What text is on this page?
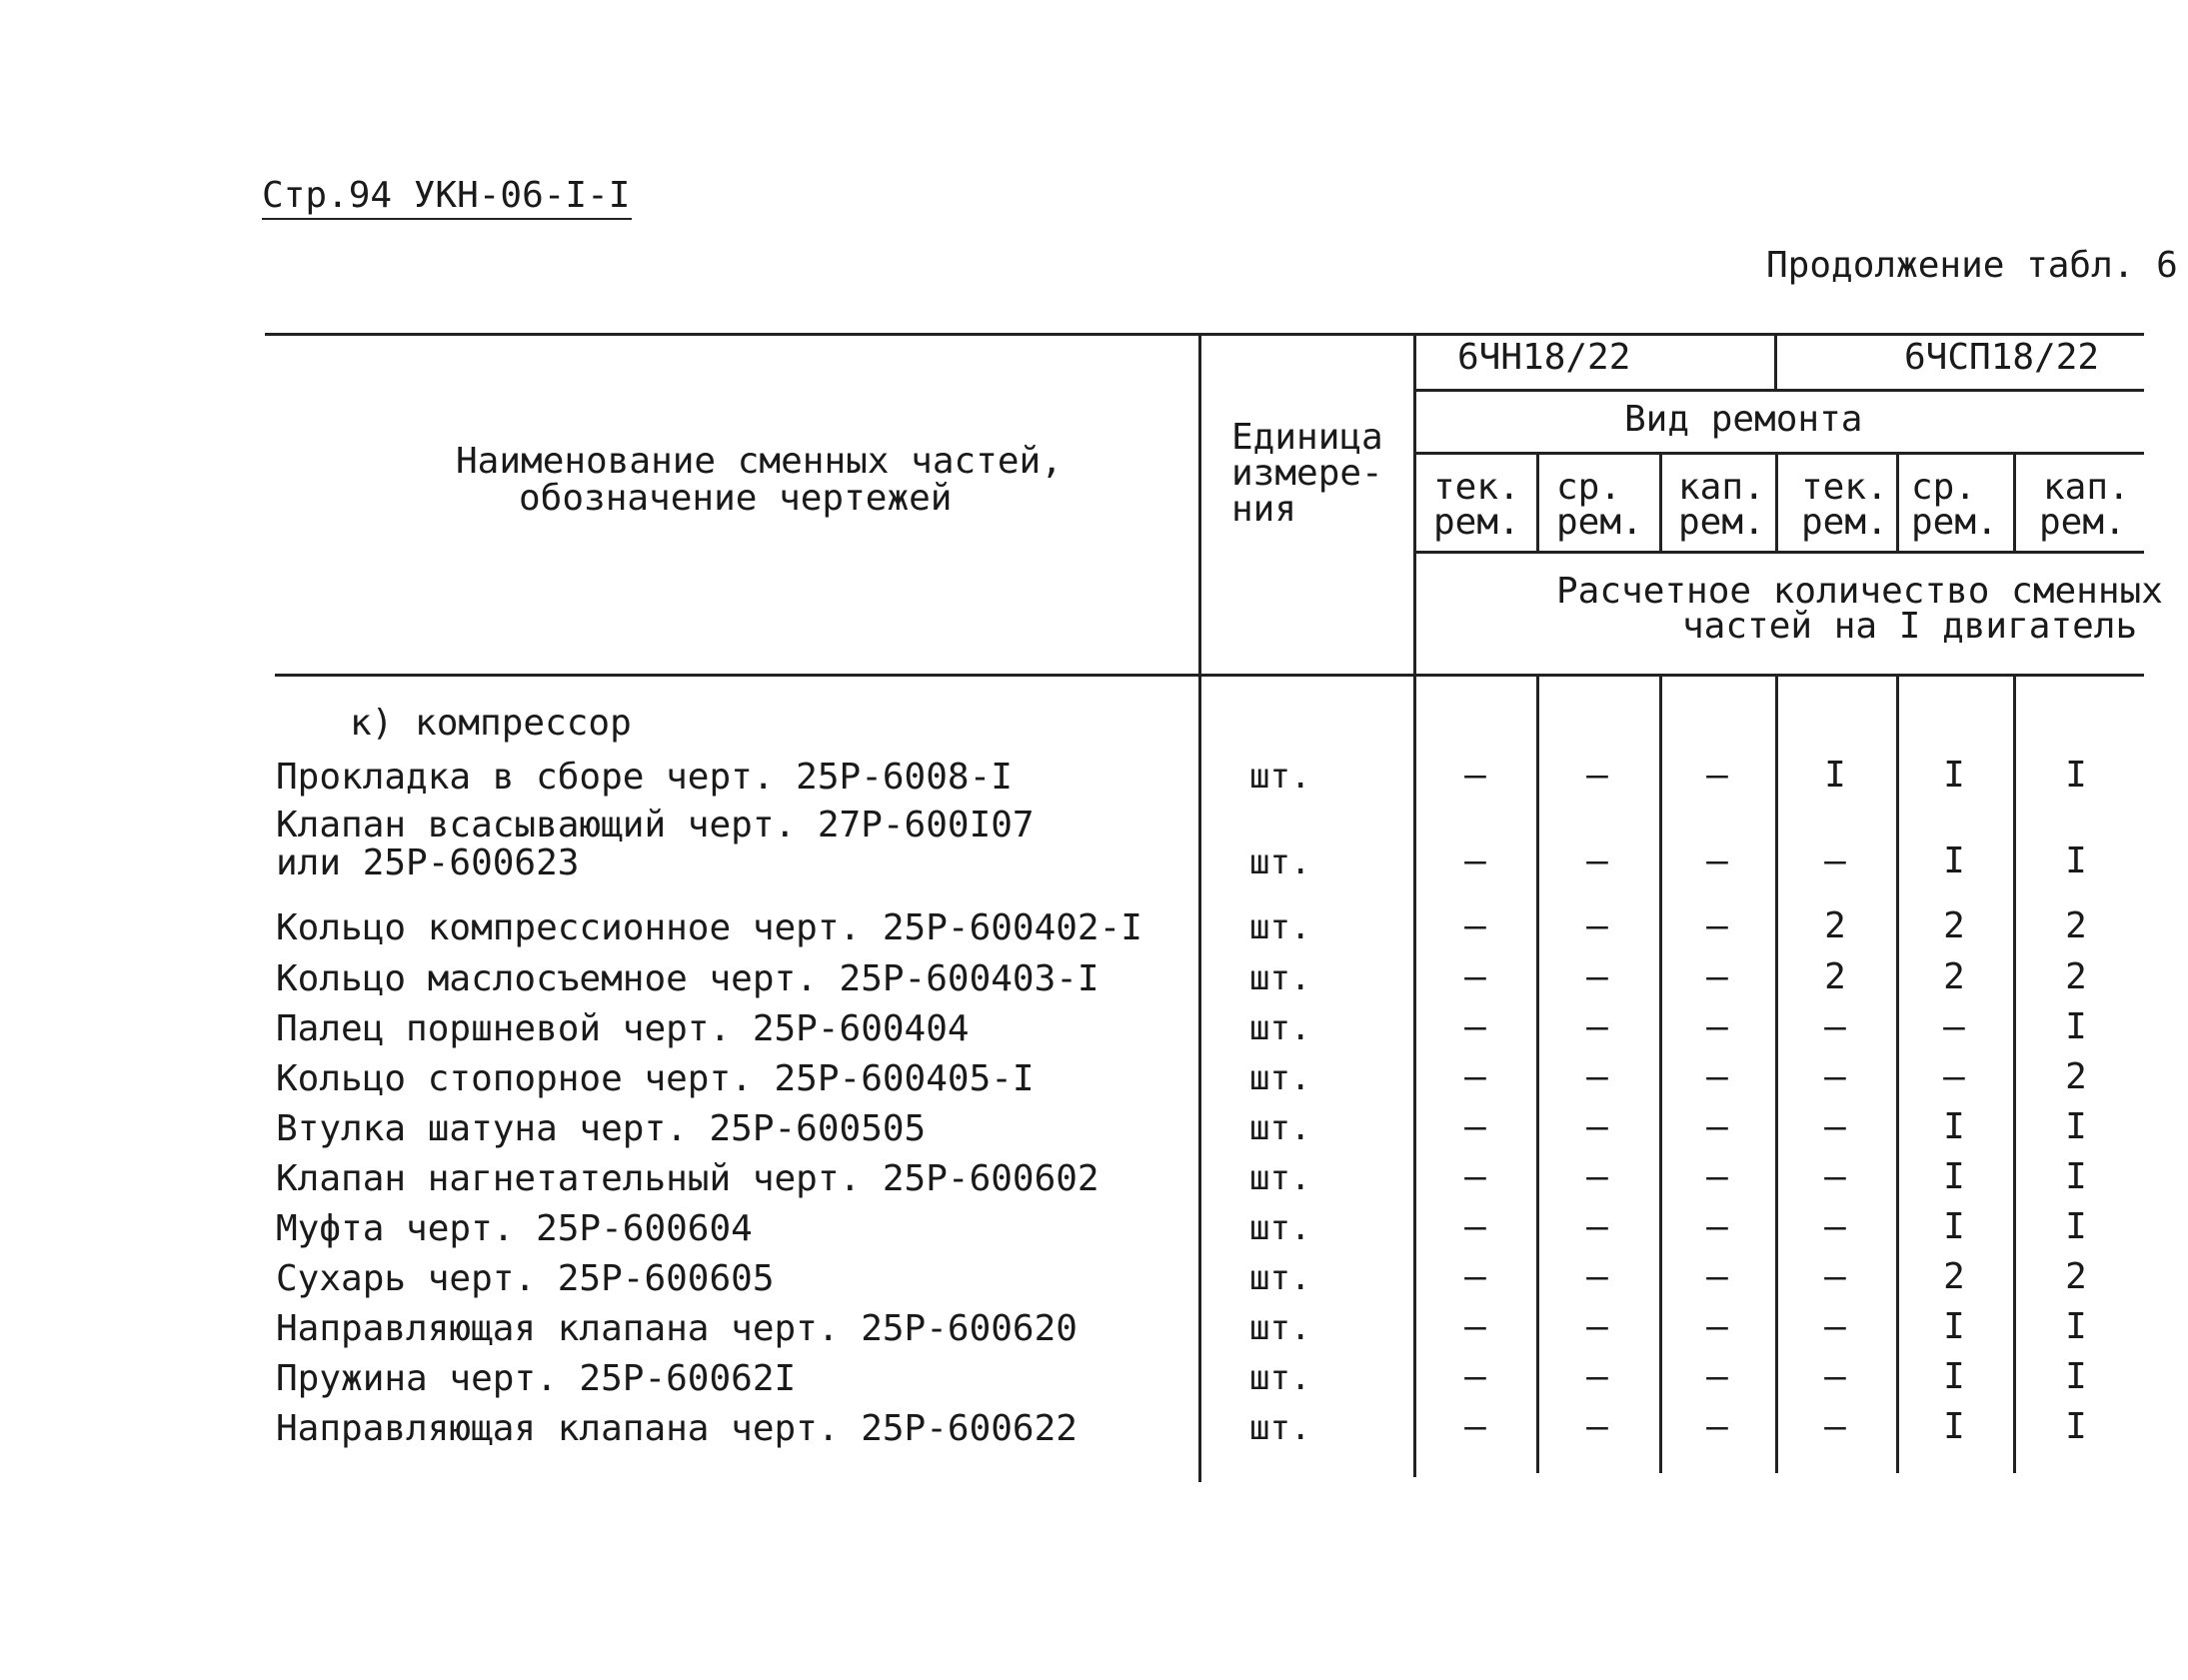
Стр.94 УКН-06-I-I
Продолжение табл. 6
Наименование сменных частей,
обозначение чертежей
Единица
измере-
ния
6ЧН18/22	6ЧСП18/22
Вид ремонта
тек.
рем.
ср.
рем.
кап.
рем.
тек.
рем.
ср.
рем.
кап.
рем.
Расчетное количество сменных
частей на I двигатель
к) компрессор
Прокладка в сборе черт. 25Р-6008-I	шт.	–	–	–	I	I	I
Клапан всасывающий черт. 27Р-600I07
или 25Р-600623	шт.	–	–	–	–	I	I
Кольцо компрессионное черт. 25Р-600402-I	шт.	–	–	–	2	2	2
Кольцо маслосъемное черт. 25Р-600403-I	шт.	–	–	–	2	2	2
Палец поршневой черт. 25Р-600404	шт.	–	–	–	–	–	I
Кольцо стопорное черт. 25Р-600405-I	шт.	–	–	–	–	–	2
Втулка шатуна черт. 25Р-600505	шт.	–	–	–	–	I	I
Клапан нагнетательный черт. 25Р-600602	шт.	–	–	–	–	I	I
Муфта черт. 25Р-600604	шт.	–	–	–	–	I	I
Сухарь черт. 25Р-600605	шт.	–	–	–	–	2	2
Направляющая клапана черт. 25Р-600620	шт.	–	–	–	–	I	I
Пружина черт. 25Р-60062I	шт.	–	–	–	–	I	I
Направляющая клапана черт. 25Р-600622	шт.	–	–	–	–	I	I
